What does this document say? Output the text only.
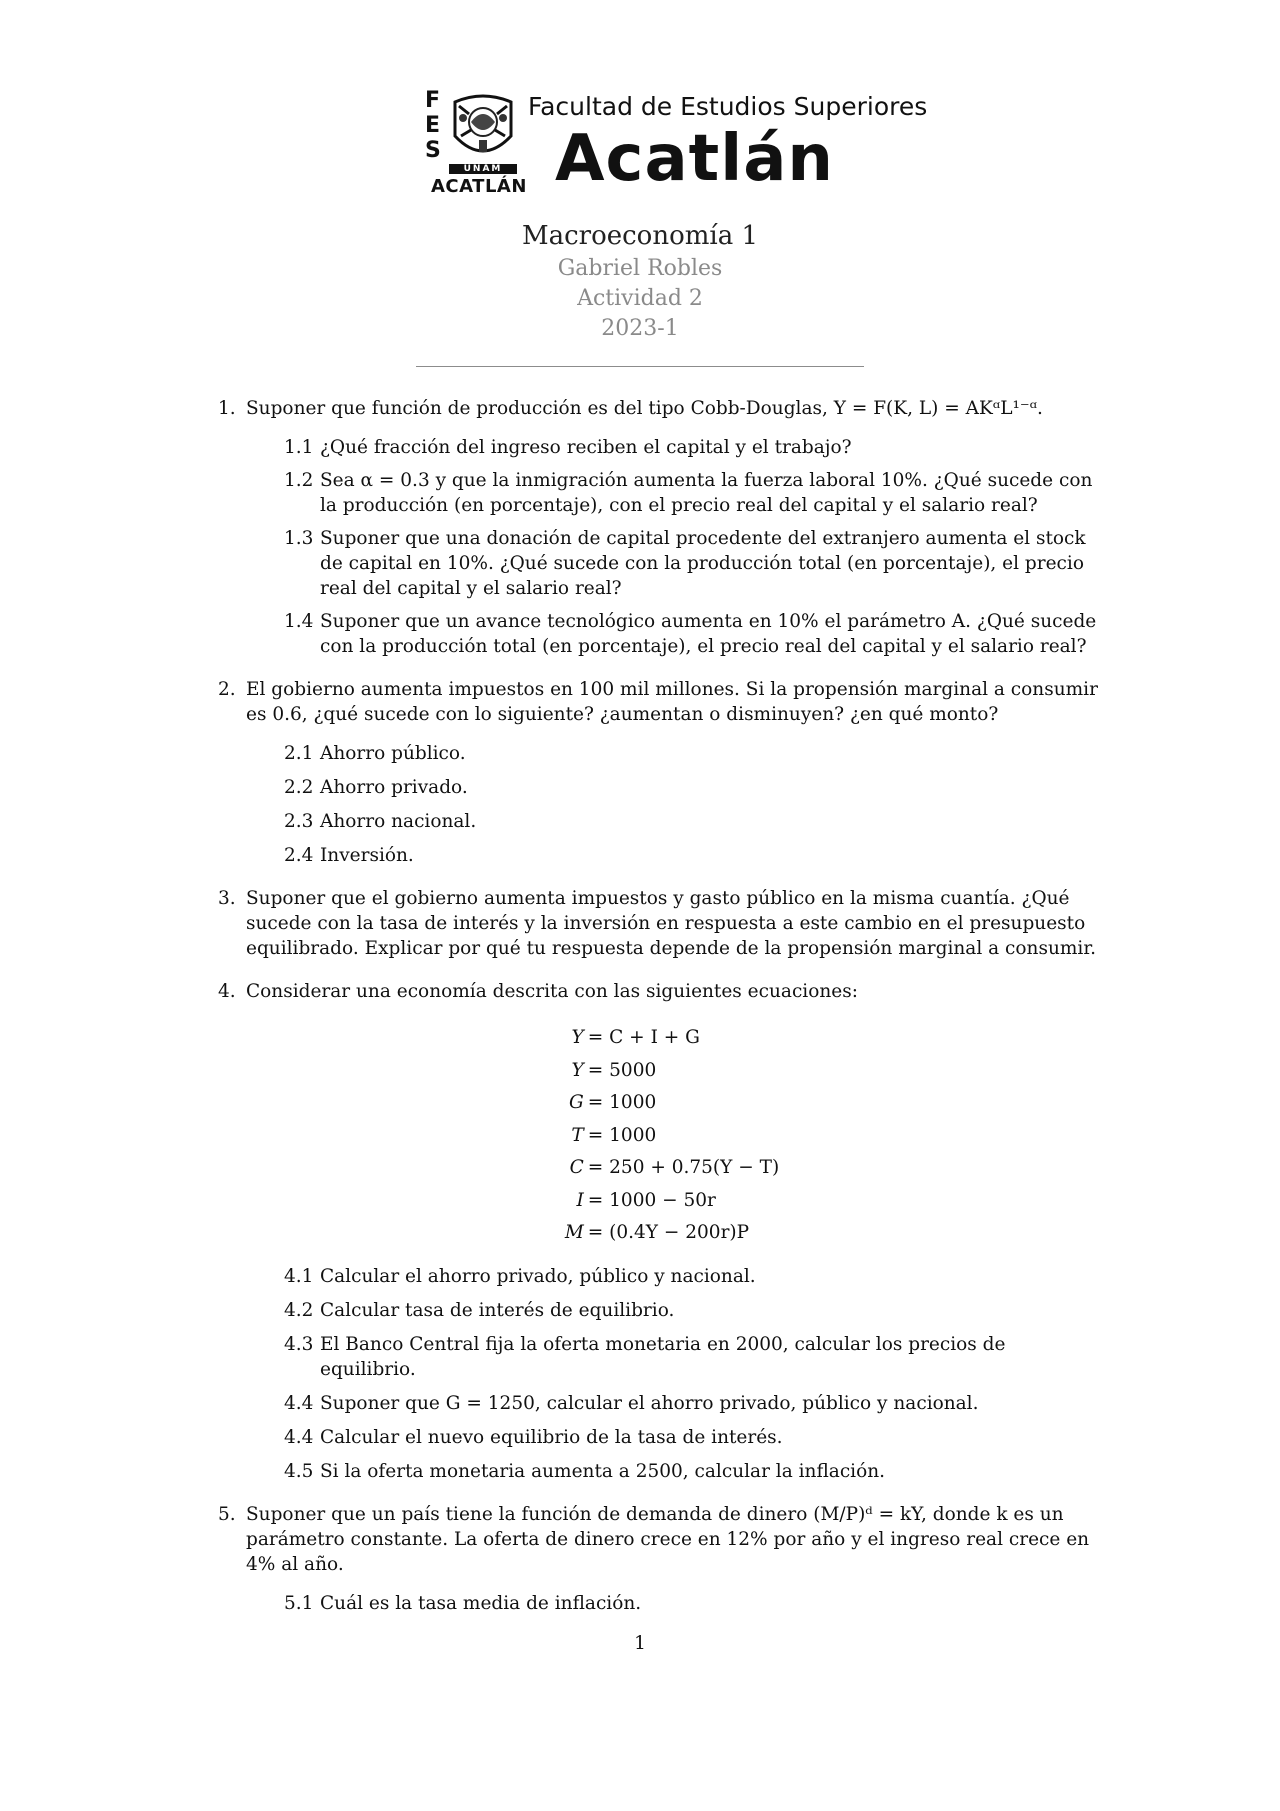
F
E
S
UNAM
ACATLÁN
Facultad de Estudios Superiores
Acatlán
Macroeconomía 1
Gabriel Robles
Actividad 2
2023-1
1. Suponer que función de producción es del tipo Cobb-Douglas, Y = F(K, L) = AKᵅL¹⁻ᵅ.
1.1 ¿Qué fracción del ingreso reciben el capital y el trabajo?
1.2 Sea α = 0.3 y que la inmigración aumenta la fuerza laboral 10%. ¿Qué sucede con la producción (en porcentaje), con el precio real del capital y el salario real?
1.3 Suponer que una donación de capital procedente del extranjero aumenta el stock de capital en 10%. ¿Qué sucede con la producción total (en porcentaje), el precio real del capital y el salario real?
1.4 Suponer que un avance tecnológico aumenta en 10% el parámetro A. ¿Qué sucede con la producción total (en porcentaje), el precio real del capital y el salario real?
2. El gobierno aumenta impuestos en 100 mil millones. Si la propensión marginal a consumir es 0.6, ¿qué sucede con lo siguiente? ¿aumentan o disminuyen? ¿en qué monto?
2.1 Ahorro público.
2.2 Ahorro privado.
2.3 Ahorro nacional.
2.4 Inversión.
3. Suponer que el gobierno aumenta impuestos y gasto público en la misma cuantía. ¿Qué sucede con la tasa de interés y la inversión en respuesta a este cambio en el presupuesto equilibrado. Explicar por qué tu respuesta depende de la propensión marginal a consumir.
4. Considerar una economía descrita con las siguientes ecuaciones:
Y	= C + I + G
Y	= 5000
G	= 1000
T	= 1000
C	= 250 + 0.75(Y − T)
I	= 1000 − 50r
M	= (0.4Y − 200r)P
4.1 Calcular el ahorro privado, público y nacional.
4.2 Calcular tasa de interés de equilibrio.
4.3 El Banco Central fija la oferta monetaria en 2000, calcular los precios de equilibrio.
4.4 Suponer que G = 1250, calcular el ahorro privado, público y nacional.
4.4 Calcular el nuevo equilibrio de la tasa de interés.
4.5 Si la oferta monetaria aumenta a 2500, calcular la inflación.
5. Suponer que un país tiene la función de demanda de dinero (M/P)ᵈ = kY, donde k es un parámetro constante. La oferta de dinero crece en 12% por año y el ingreso real crece en 4% al año.
5.1 Cuál es la tasa media de inflación.
1
